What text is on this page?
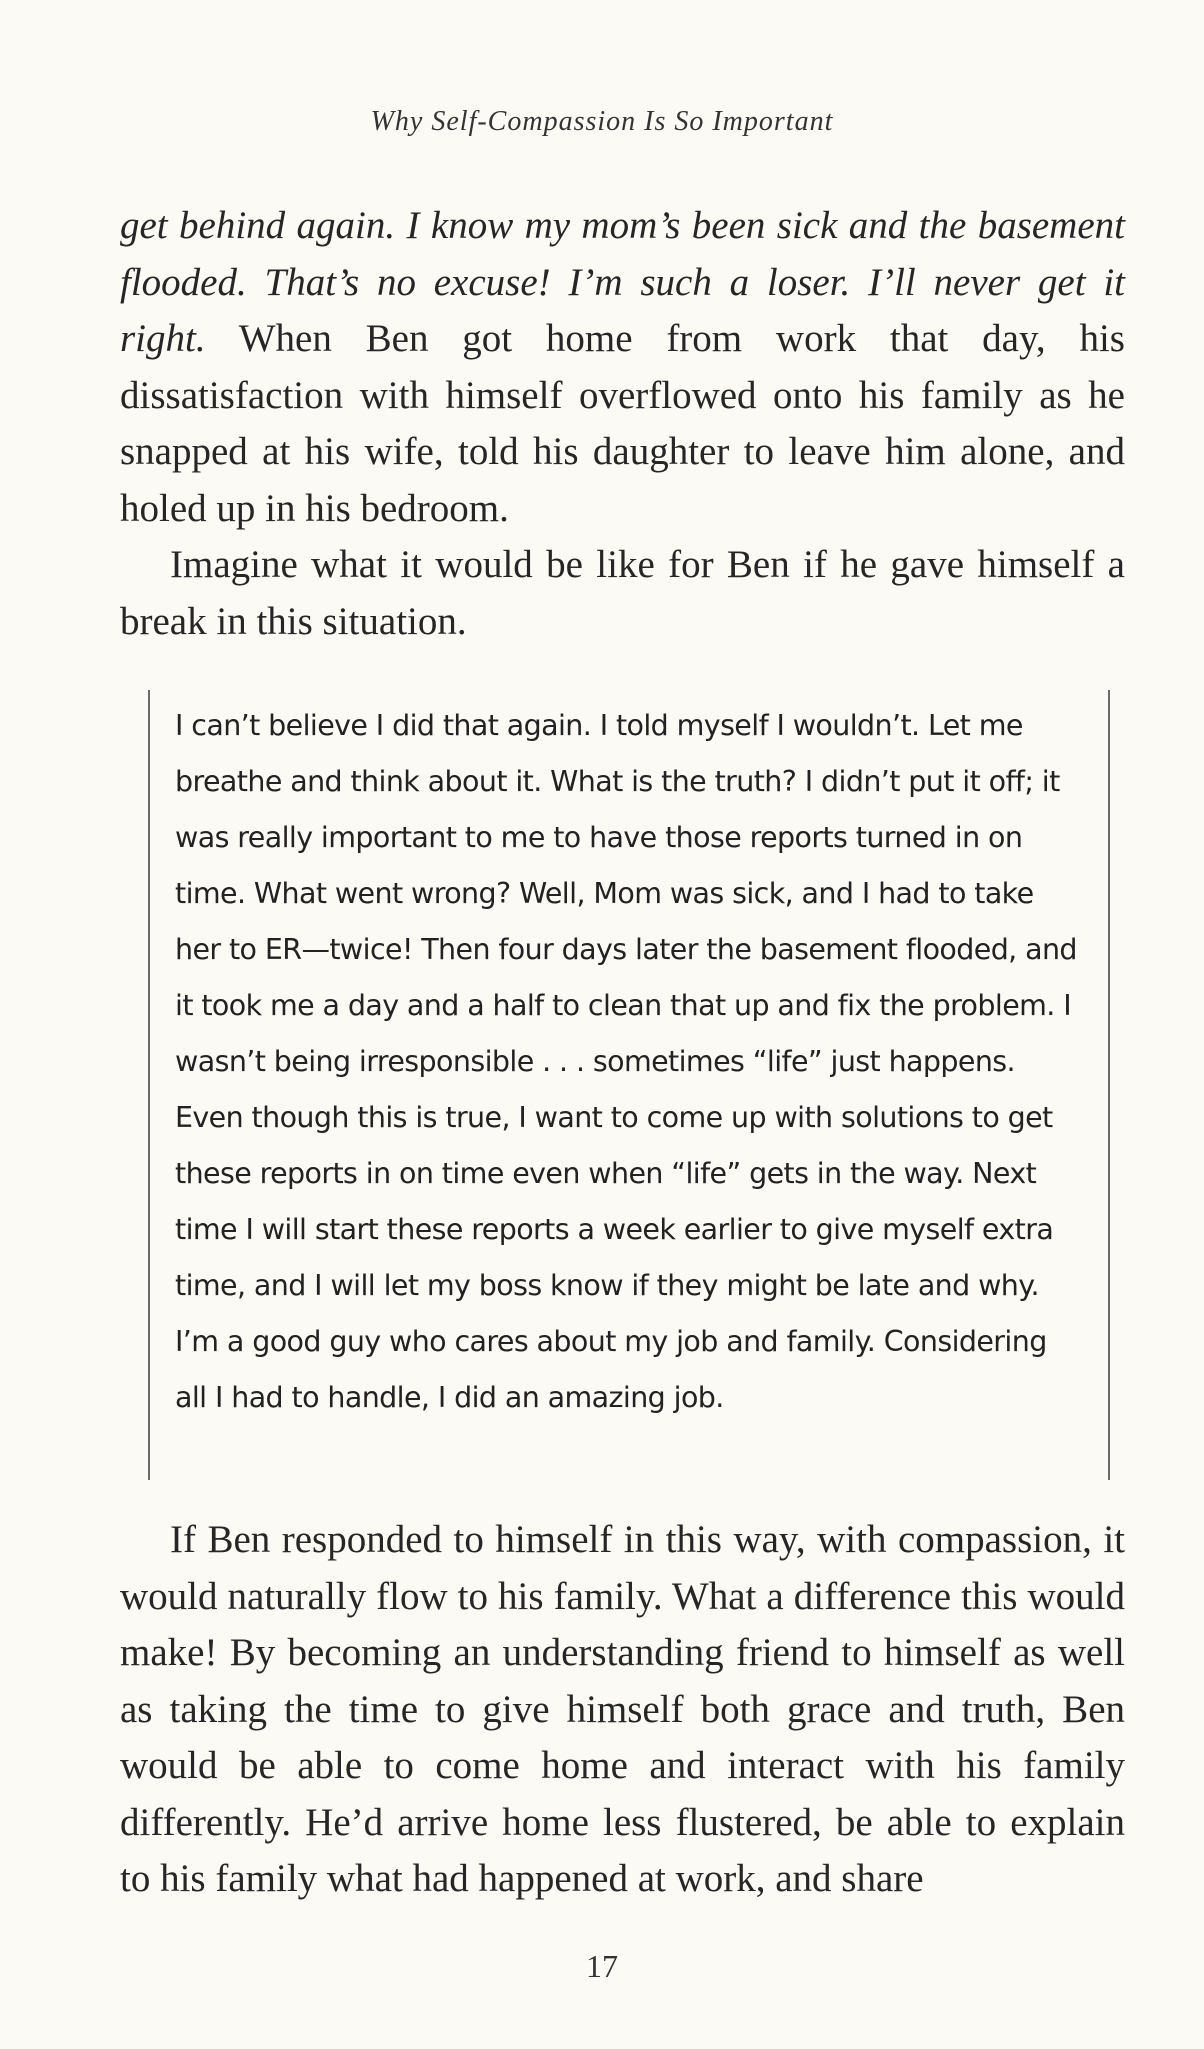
Why Self-Compassion Is So Important

get behind again. I know my mom’s been sick and the basement flooded. That’s no excuse! I’m such a loser. I’ll never get it right. When Ben got home from work that day, his dissatisfaction with himself overflowed onto his family as he snapped at his wife, told his daughter to leave him alone, and holed up in his bedroom.

Imagine what it would be like for Ben if he gave himself a break in this situation.

I can’t believe I did that again. I told myself I wouldn’t. Let me breathe and think about it. What is the truth? I didn’t put it off; it was really important to me to have those reports turned in on time. What went wrong? Well, Mom was sick, and I had to take her to ER—twice! Then four days later the basement flooded, and it took me a day and a half to clean that up and fix the problem. I wasn’t being irresponsible . . . sometimes “life” just happens. Even though this is true, I want to come up with solutions to get these reports in on time even when “life” gets in the way. Next time I will start these reports a week earlier to give myself extra time, and I will let my boss know if they might be late and why. I’m a good guy who cares about my job and family. Considering all I had to handle, I did an amazing job.

If Ben responded to himself in this way, with compassion, it would naturally flow to his family. What a difference this would make! By becoming an understanding friend to himself as well as taking the time to give himself both grace and truth, Ben would be able to come home and interact with his family differently. He’d arrive home less flustered, be able to explain to his family what had happened at work, and share

17
